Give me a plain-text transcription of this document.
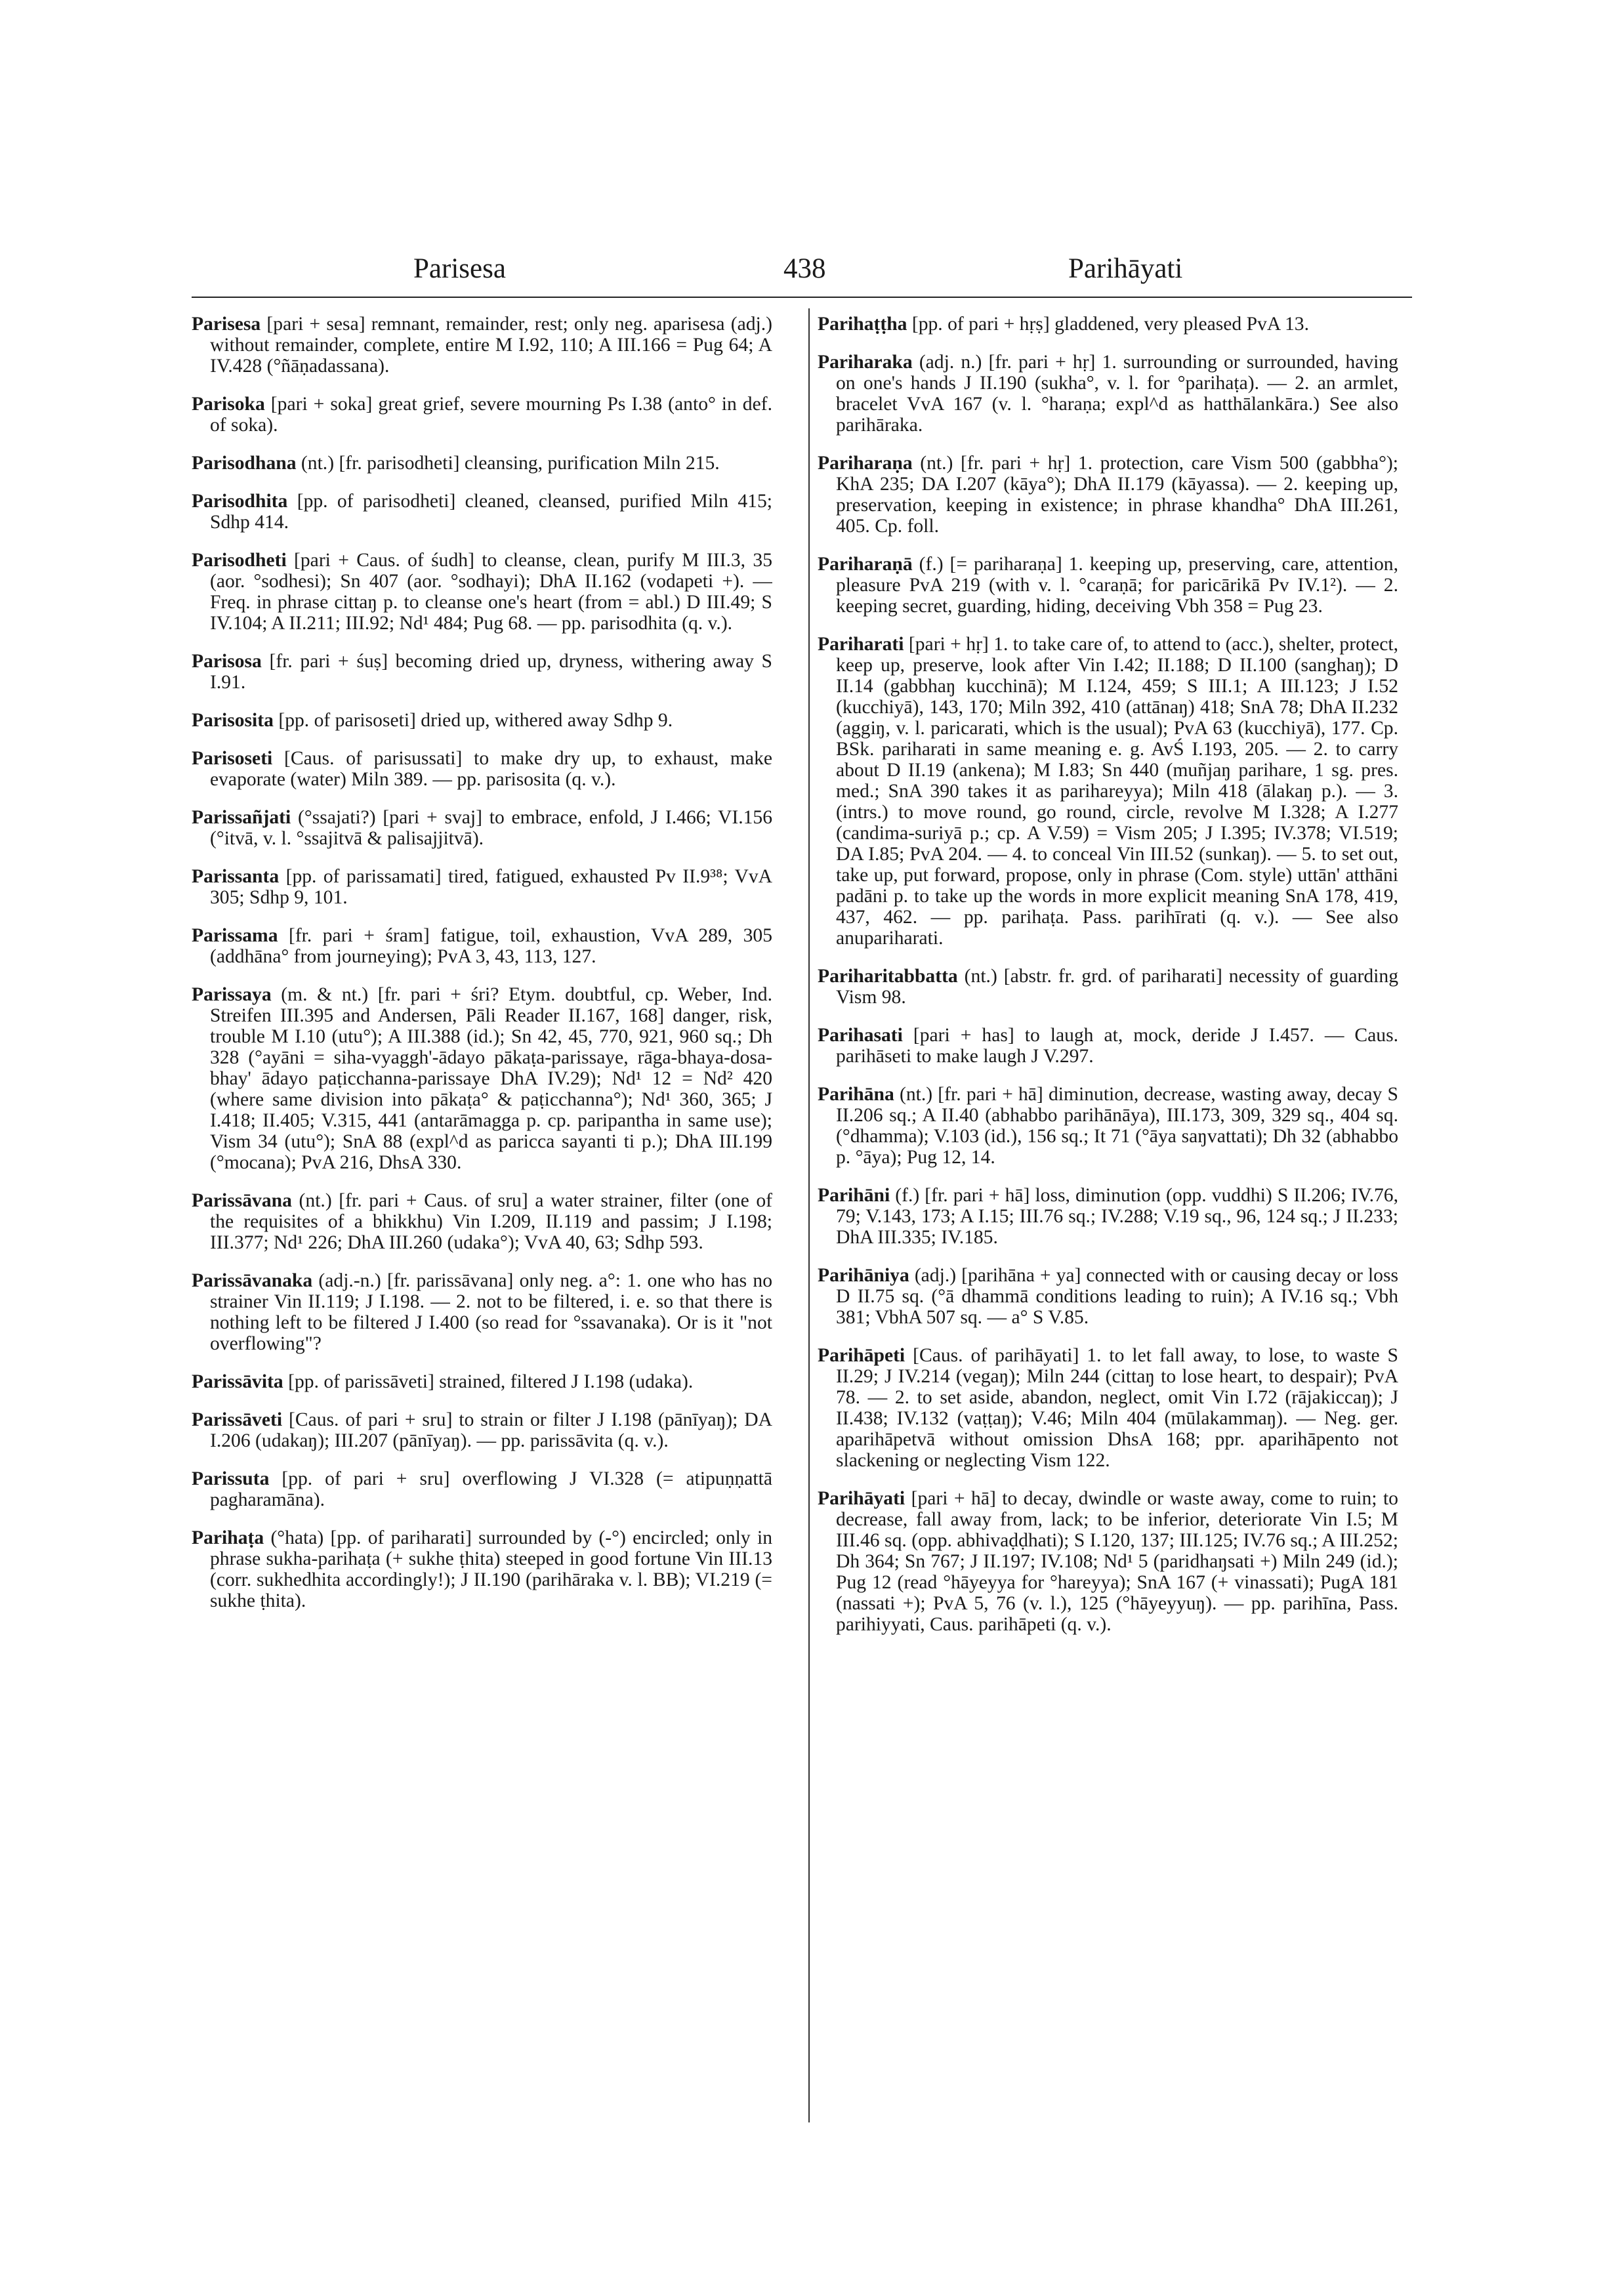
Parisesa	438	Parihāyati

Parisesa [pari + sesa] remnant, remainder, rest; only neg. aparisesa (adj.) without remainder, complete, entire M I.92, 110; A III.166 = Pug 64; A IV.428 (°ñāṇadassana).

Parisoka [pari + soka] great grief, severe mourning Ps I.38 (anto° in def. of soka).

Parisodhana (nt.) [fr. parisodheti] cleansing, purification Miln 215.

Parisodhita [pp. of parisodheti] cleaned, cleansed, purified Miln 415; Sdhp 414.

Parisodheti [pari + Caus. of śudh] to cleanse, clean, purify M III.3, 35 (aor. °sodhesi); Sn 407 (aor. °sodhayi); DhA II.162 (vodapeti +). — Freq. in phrase cittaŋ p. to cleanse one's heart (from = abl.) D III.49; S IV.104; A II.211; III.92; Nd¹ 484; Pug 68. — pp. parisodhita (q. v.).

Parisosa [fr. pari + śuṣ] becoming dried up, dryness, withering away S I.91.

Parisosita [pp. of parisoseti] dried up, withered away Sdhp 9.

Parisoseti [Caus. of parisussati] to make dry up, to exhaust, make evaporate (water) Miln 389. — pp. parisosita (q. v.).

Parissañjati (°ssajati?) [pari + svaj] to embrace, enfold, J I.466; VI.156 (°itvā, v. l. °ssajitvā & palisajjitvā).

Parissanta [pp. of parissamati] tired, fatigued, exhausted Pv II.9³⁸; VvA 305; Sdhp 9, 101.

Parissama [fr. pari + śram] fatigue, toil, exhaustion, VvA 289, 305 (addhāna° from journeying); PvA 3, 43, 113, 127.

Parissaya (m. & nt.) [fr. pari + śri? Etym. doubtful, cp. Weber, Ind. Streifen III.395 and Andersen, Pāli Reader II.167, 168] danger, risk, trouble M I.10 (utu°); A III.388 (id.); Sn 42, 45, 770, 921, 960 sq.; Dh 328 (°ayāni = siha-vyaggh'-ādayo pākaṭa-parissaye, rāga-bhaya-dosa-bhay' ādayo paṭicchanna-parissaye DhA IV.29); Nd¹ 12 = Nd² 420 (where same division into pākaṭa° & paṭicchanna°); Nd¹ 360, 365; J I.418; II.405; V.315, 441 (antarāmagga p. cp. paripantha in same use); Vism 34 (utu°); SnA 88 (expl^d as paricca sayanti ti p.); DhA III.199 (°mocana); PvA 216, DhsA 330.

Parissāvana (nt.) [fr. pari + Caus. of sru] a water strainer, filter (one of the requisites of a bhikkhu) Vin I.209, II.119 and passim; J I.198; III.377; Nd¹ 226; DhA III.260 (udaka°); VvA 40, 63; Sdhp 593.

Parissāvanaka (adj.-n.) [fr. parissāvana] only neg. a°: 1. one who has no strainer Vin II.119; J I.198. — 2. not to be filtered, i. e. so that there is nothing left to be filtered J I.400 (so read for °ssavanaka). Or is it "not overflowing"?

Parissāvita [pp. of parissāveti] strained, filtered J I.198 (udaka).

Parissāveti [Caus. of pari + sru] to strain or filter J I.198 (pānīyaŋ); DA I.206 (udakaŋ); III.207 (pānīyaŋ). — pp. parissāvita (q. v.).

Parissuta [pp. of pari + sru] overflowing J VI.328 (= atipuṇṇattā pagharamāna).

Parihaṭa (°hata) [pp. of pariharati] surrounded by (-°) encircled; only in phrase sukha-parihaṭa (+ sukhe ṭhita) steeped in good fortune Vin III.13 (corr. sukhedhita accordingly!); J II.190 (parihāraka v. l. BB); VI.219 (= sukhe ṭhita).

Parihaṭṭha [pp. of pari + hṛṣ] gladdened, very pleased PvA 13.

Pariharaka (adj. n.) [fr. pari + hṛ] 1. surrounding or surrounded, having on one's hands J II.190 (sukha°, v. l. for °parihaṭa). — 2. an armlet, bracelet VvA 167 (v. l. °haraṇa; expl^d as hatthālankāra.) See also parihāraka.

Pariharaṇa (nt.) [fr. pari + hṛ] 1. protection, care Vism 500 (gabbha°); KhA 235; DA I.207 (kāya°); DhA II.179 (kāyassa). — 2. keeping up, preservation, keeping in existence; in phrase khandha° DhA III.261, 405. Cp. foll.

Pariharaṇā (f.) [= pariharaṇa] 1. keeping up, preserving, care, attention, pleasure PvA 219 (with v. l. °caraṇā; for paricārikā Pv IV.1²). — 2. keeping secret, guarding, hiding, deceiving Vbh 358 = Pug 23.

Pariharati [pari + hṛ] 1. to take care of, to attend to (acc.), shelter, protect, keep up, preserve, look after Vin I.42; II.188; D II.100 (sanghaŋ); D II.14 (gabbhaŋ kucchinā); M I.124, 459; S III.1; A III.123; J I.52 (kucchiyā), 143, 170; Miln 392, 410 (attānaŋ) 418; SnA 78; DhA II.232 (aggiŋ, v. l. paricarati, which is the usual); PvA 63 (kucchiyā), 177. Cp. BSk. pariharati in same meaning e. g. AvŚ I.193, 205. — 2. to carry about D II.19 (ankena); M I.83; Sn 440 (muñjaŋ parihare, 1 sg. pres. med.; SnA 390 takes it as parihareyya); Miln 418 (ālakaŋ p.). — 3. (intrs.) to move round, go round, circle, revolve M I.328; A I.277 (candima-suriyā p.; cp. A V.59) = Vism 205; J I.395; IV.378; VI.519; DA I.85; PvA 204. — 4. to conceal Vin III.52 (sunkaŋ). — 5. to set out, take up, put forward, propose, only in phrase (Com. style) uttān' atthāni padāni p. to take up the words in more explicit meaning SnA 178, 419, 437, 462. — pp. parihaṭa. Pass. parihīrati (q. v.). — See also anupariharati.

Pariharitabbatta (nt.) [abstr. fr. grd. of pariharati] necessity of guarding Vism 98.

Parihasati [pari + has] to laugh at, mock, deride J I.457. — Caus. parihāseti to make laugh J V.297.

Parihāna (nt.) [fr. pari + hā] diminution, decrease, wasting away, decay S II.206 sq.; A II.40 (abhabbo parihānāya), III.173, 309, 329 sq., 404 sq. (°dhamma); V.103 (id.), 156 sq.; It 71 (°āya saŋvattati); Dh 32 (abhabbo p. °āya); Pug 12, 14.

Parihāni (f.) [fr. pari + hā] loss, diminution (opp. vuddhi) S II.206; IV.76, 79; V.143, 173; A I.15; III.76 sq.; IV.288; V.19 sq., 96, 124 sq.; J II.233; DhA III.335; IV.185.

Parihāniya (adj.) [parihāna + ya] connected with or causing decay or loss D II.75 sq. (°ā dhammā conditions leading to ruin); A IV.16 sq.; Vbh 381; VbhA 507 sq. — a° S V.85.

Parihāpeti [Caus. of parihāyati] 1. to let fall away, to lose, to waste S II.29; J IV.214 (vegaŋ); Miln 244 (cittaŋ to lose heart, to despair); PvA 78. — 2. to set aside, abandon, neglect, omit Vin I.72 (rājakiccaŋ); J II.438; IV.132 (vaṭṭaŋ); V.46; Miln 404 (mūlakammaŋ). — Neg. ger. aparihāpetvā without omission DhsA 168; ppr. aparihāpento not slackening or neglecting Vism 122.

Parihāyati [pari + hā] to decay, dwindle or waste away, come to ruin; to decrease, fall away from, lack; to be inferior, deteriorate Vin I.5; M III.46 sq. (opp. abhivaḍḍhati); S I.120, 137; III.125; IV.76 sq.; A III.252; Dh 364; Sn 767; J II.197; IV.108; Nd¹ 5 (paridhaŋsati +) Miln 249 (id.); Pug 12 (read °hāyeyya for °hareyya); SnA 167 (+ vinassati); PugA 181 (nassati +); PvA 5, 76 (v. l.), 125 (°hāyeyyuŋ). — pp. parihīna, Pass. parihiyyati, Caus. parihāpeti (q. v.).
